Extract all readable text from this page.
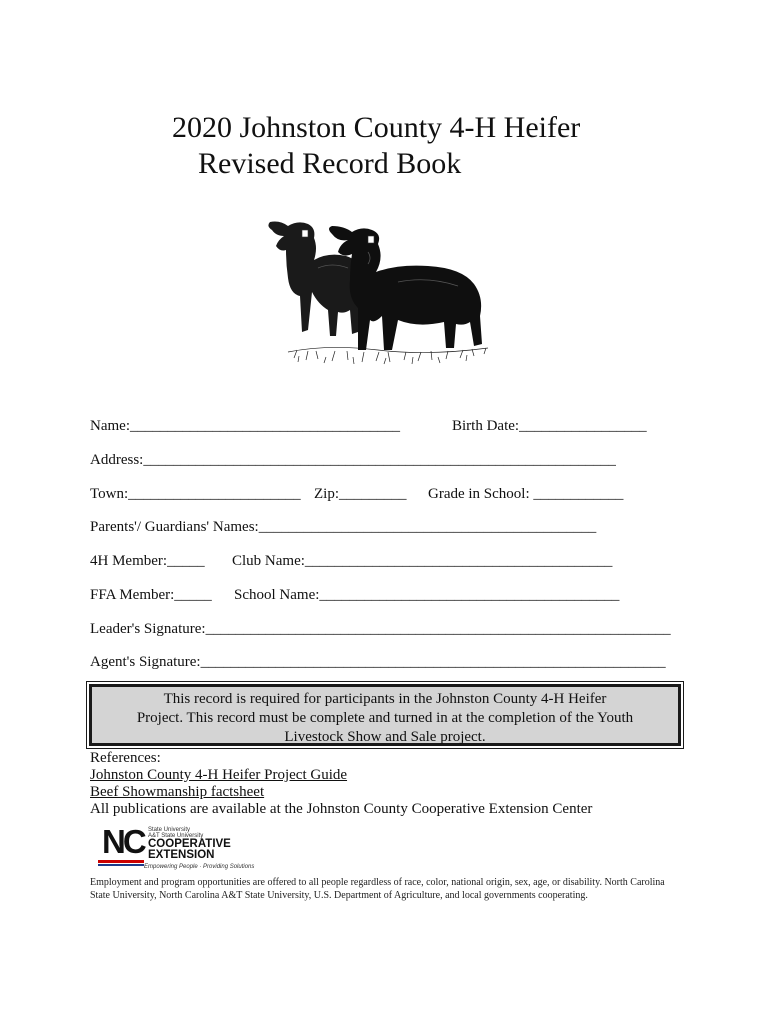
2020 Johnston County 4-H Heifer
Revised Record Book
Name:____________________________________	Birth Date:_________________
Address:_______________________________________________________________
Town:_______________________ Zip:_________ Grade in School: ____________
Parents'/ Guardians' Names:_____________________________________________
4H Member:_____ Club Name:_________________________________________
FFA Member:_____ School Name:________________________________________
Leader's Signature:______________________________________________________________
Agent's Signature:______________________________________________________________
This record is required for participants in the Johnston County 4-H Heifer
Project. This record must be complete and turned in at the completion of the Youth
Livestock Show and Sale project.
References:
Johnston County 4-H Heifer Project Guide
Beef Showmanship factsheet
All publications are available at the Johnston County Cooperative Extension Center
NC State University
A&T State University
COOPERATIVE
EXTENSION
Empowering People · Providing Solutions
Employment and program opportunities are offered to all people regardless of race, color, national origin, sex, age, or disability. North Carolina State University, North Carolina A&T State University, U.S. Department of Agriculture, and local governments cooperating.
